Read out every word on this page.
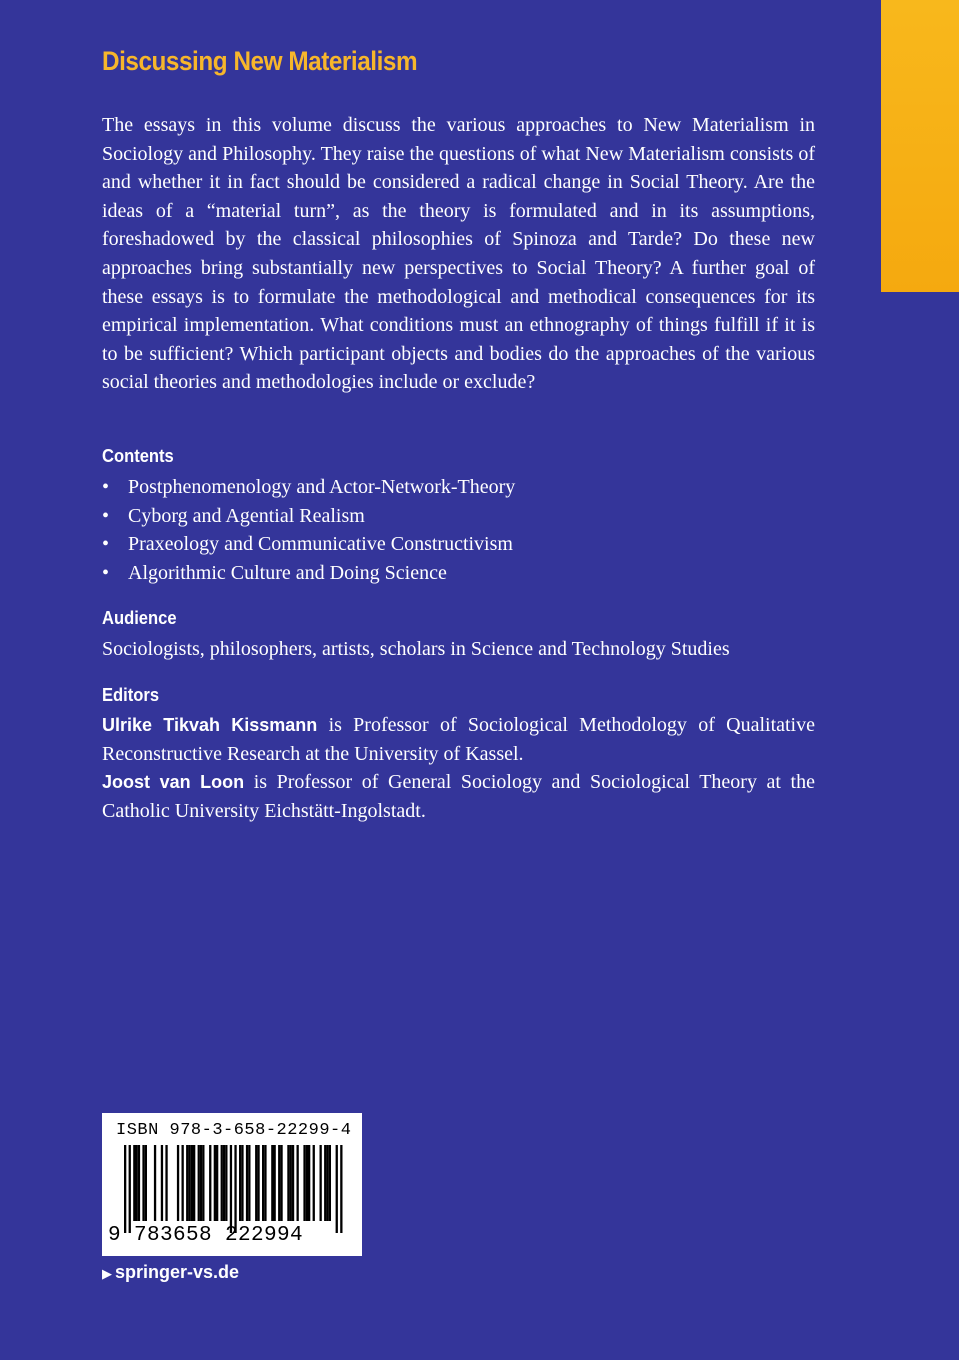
Discussing New Materialism

The essays in this volume discuss the various approaches to New Materialism in Sociology and Philosophy. They raise the questions of what New Materialism consists of and whether it in fact should be considered a radical change in Social Theory. Are the ideas of a “material turn”, as the theory is formulated and in its assumptions, foreshadowed by the classical philosophies of Spinoza and Tarde? Do these new approaches bring substantially new perspectives to Social Theory? A further goal of these essays is to formulate the methodological and methodical consequences for its empirical implementation. What conditions must an ethnography of things fulfill if it is to be sufficient? Which participant objects and bodies do the approaches of the various social theories and methodologies include or exclude?

Contents
• Postphenomenology and Actor-Network-Theory
• Cyborg and Agential Realism
• Praxeology and Communicative Constructivism
• Algorithmic Culture and Doing Science
Audience

Sociologists, philosophers, artists, scholars in Science and Technology Studies

Editors

Ulrike Tikvah Kissmann is Professor of Sociological Methodology of Qualitative Reconstructive Research at the University of Kassel.

Joost van Loon is Professor of General Sociology and Sociological Theory at the Catholic University Eichstätt-Ingolstadt.

ISBN 978-3-658-22299-4
9 783658 222994
▶ springer-vs.de
